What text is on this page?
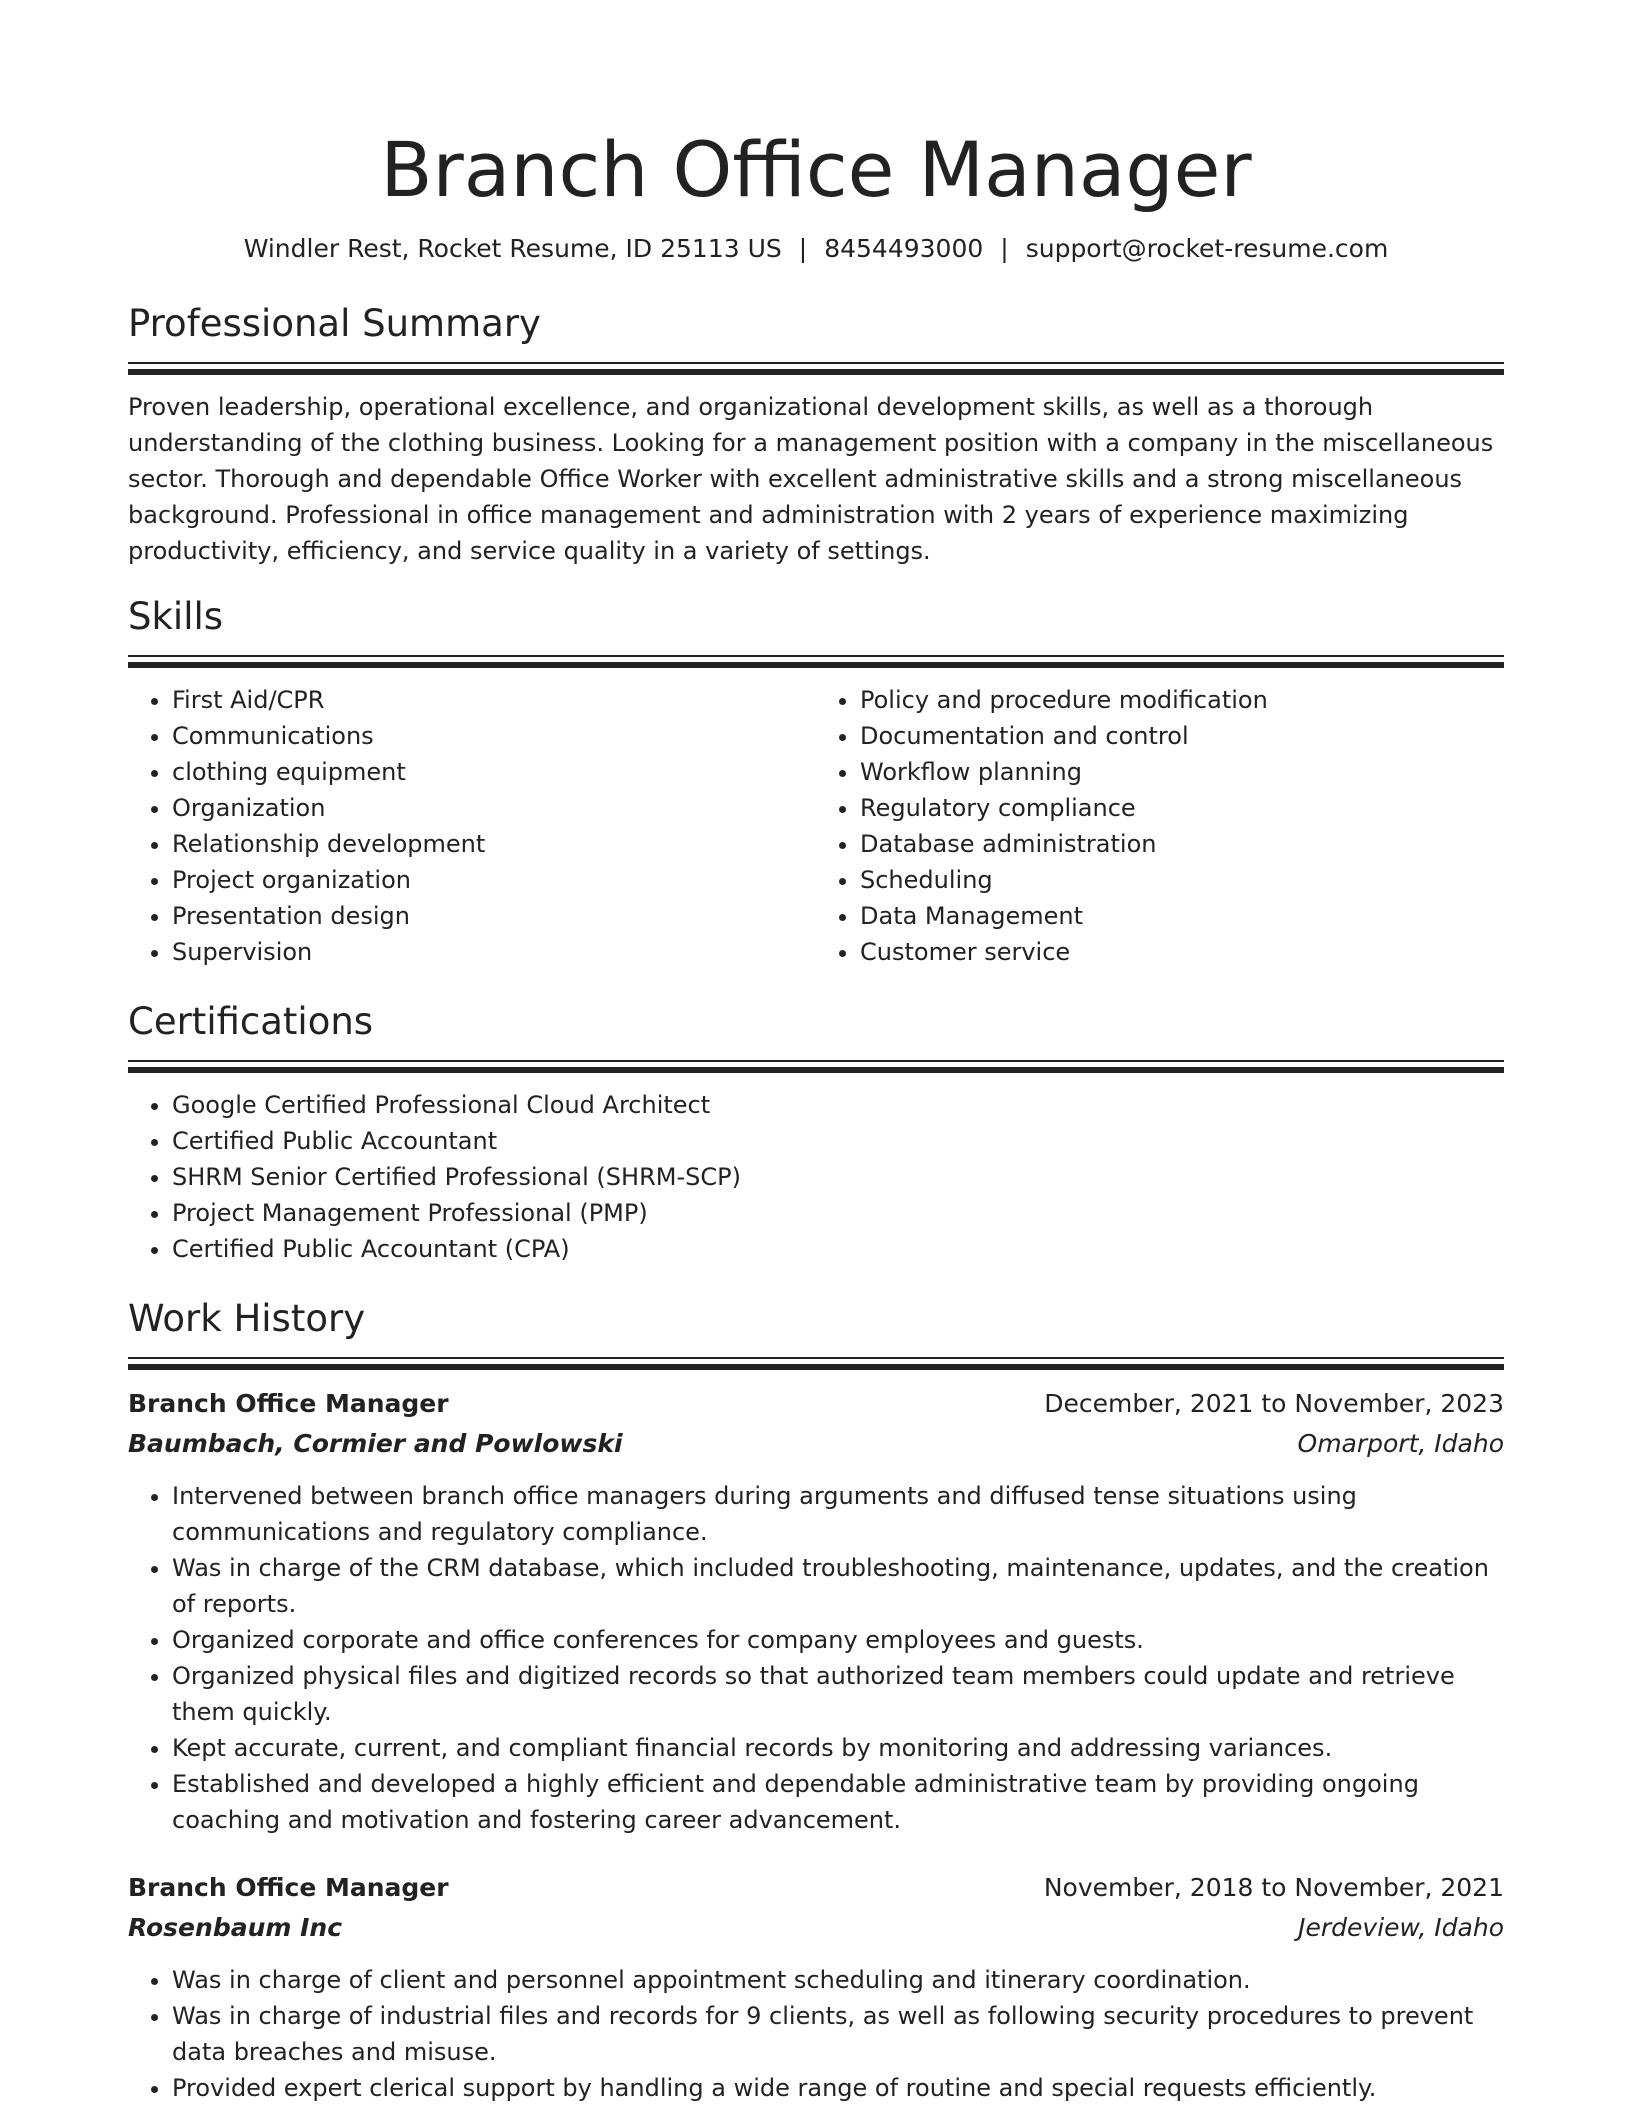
Branch Office Manager
Windler Rest, Rocket Resume, ID 25113 US | 8454493000 | support@rocket-resume.com
Professional Summary

Proven leadership, operational excellence, and organizational development skills, as well as a thorough understanding of the clothing business. Looking for a management position with a company in the miscellaneous sector. Thorough and dependable Office Worker with excellent administrative skills and a strong miscellaneous background. Professional in office management and administration with 2 years of experience maximizing productivity, efficiency, and service quality in a variety of settings.

Skills
• First Aid/CPR
• Communications
• clothing equipment
• Organization
• Relationship development
• Project organization
• Presentation design
• Supervision
• Policy and procedure modification
• Documentation and control
• Workflow planning
• Regulatory compliance
• Database administration
• Scheduling
• Data Management
• Customer service
Certifications
• Google Certified Professional Cloud Architect
• Certified Public Accountant
• SHRM Senior Certified Professional (SHRM-SCP)
• Project Management Professional (PMP)
• Certified Public Accountant (CPA)
Work History
Branch Office Manager	December, 2021 to November, 2023
Baumbach, Cormier and Powlowski	Omarport, Idaho
• Intervened between branch office managers during arguments and diffused tense situations using communications and regulatory compliance.
• Was in charge of the CRM database, which included troubleshooting, maintenance, updates, and the creation of reports.
• Organized corporate and office conferences for company employees and guests.
• Organized physical files and digitized records so that authorized team members could update and retrieve them quickly.
• Kept accurate, current, and compliant financial records by monitoring and addressing variances.
• Established and developed a highly efficient and dependable administrative team by providing ongoing coaching and motivation and fostering career advancement.
Branch Office Manager	November, 2018 to November, 2021
Rosenbaum Inc	Jerdeview, Idaho
• Was in charge of client and personnel appointment scheduling and itinerary coordination.
• Was in charge of industrial files and records for 9 clients, as well as following security procedures to prevent data breaches and misuse.
• Provided expert clerical support by handling a wide range of routine and special requests efficiently.
